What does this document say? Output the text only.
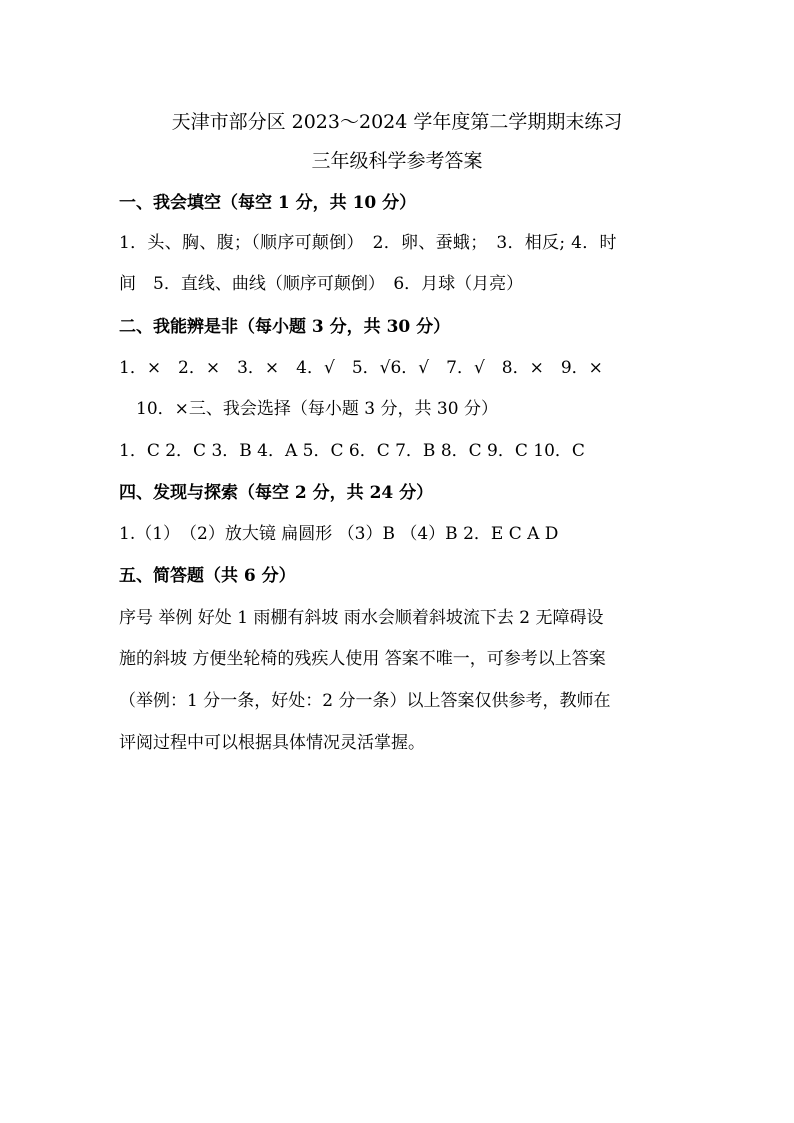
天津市部分区 2023～2024 学年度第二学期期末练习
三年级科学参考答案
一、我会填空（每空 1 分，共 10 分）
1．头、胸、腹；（顺序可颠倒）　2．卵、蚕蛾；　3．相反; 4．时
间　5．直线、曲线（顺序可颠倒）　6．月球（月亮）
二、我能辨是非（每小题 3 分，共 30 分）
1．×　2．×　3．×　4．√　5．√6．√　7．√　8．×　9．×
10．×三、我会选择（每小题 3 分，共 30 分）
1．C 2．C 3．B 4．A 5．C 6．C 7．B 8．C 9．C 10．C
四、发现与探索（每空 2 分，共 24 分）
1.（1）　（2）放大镜 扁圆形 （3）B （4）B 2．E C A D
五、简答题（共 6 分）
序号 举例 好处 1 雨棚有斜坡 雨水会顺着斜坡流下去 2 无障碍设
施的斜坡 方便坐轮椅的残疾人使用 答案不唯一，可参考以上答案
（举例：1 分一条，好处：2 分一条）以上答案仅供参考，教师在
评阅过程中可以根据具体情况灵活掌握。
